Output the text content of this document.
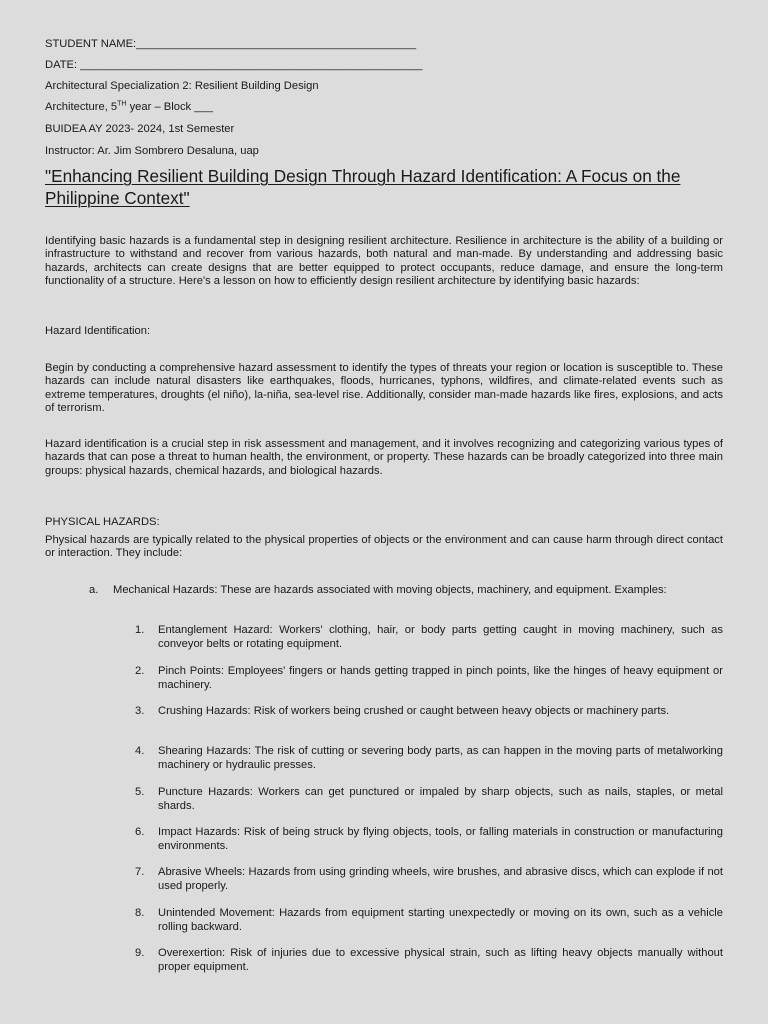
STUDENT NAME:_____________________________________________
DATE: _______________________________________________________
Architectural Specialization 2: Resilient Building Design
Architecture, 5TH year – Block ___
BUIDEA AY 2023- 2024, 1st Semester
Instructor: Ar. Jim Sombrero Desaluna, uap
"Enhancing Resilient Building Design Through Hazard Identification: A Focus on the Philippine Context"

Identifying basic hazards is a fundamental step in designing resilient architecture. Resilience in architecture is the ability of a building or infrastructure to withstand and recover from various hazards, both natural and man-made. By understanding and addressing basic hazards, architects can create designs that are better equipped to protect occupants, reduce damage, and ensure the long-term functionality of a structure. Here's a lesson on how to efficiently design resilient architecture by identifying basic hazards:

Hazard Identification:

Begin by conducting a comprehensive hazard assessment to identify the types of threats your region or location is susceptible to. These hazards can include natural disasters like earthquakes, floods, hurricanes, typhons, wildfires, and climate-related events such as extreme temperatures, droughts (el niño), la-niña, sea-level rise. Additionally, consider man-made hazards like fires, explosions, and acts of terrorism.

Hazard identification is a crucial step in risk assessment and management, and it involves recognizing and categorizing various types of hazards that can pose a threat to human health, the environment, or property. These hazards can be broadly categorized into three main groups: physical hazards, chemical hazards, and biological hazards.

PHYSICAL HAZARDS:

Physical hazards are typically related to the physical properties of objects or the environment and can cause harm through direct contact or interaction. They include:

a. Mechanical Hazards: These are hazards associated with moving objects, machinery, and equipment. Examples:
1. Entanglement Hazard: Workers' clothing, hair, or body parts getting caught in moving machinery, such as conveyor belts or rotating equipment.
2. Pinch Points: Employees' fingers or hands getting trapped in pinch points, like the hinges of heavy equipment or machinery.
3. Crushing Hazards: Risk of workers being crushed or caught between heavy objects or machinery parts.
4. Shearing Hazards: The risk of cutting or severing body parts, as can happen in the moving parts of metalworking machinery or hydraulic presses.
5. Puncture Hazards: Workers can get punctured or impaled by sharp objects, such as nails, staples, or metal shards.
6. Impact Hazards: Risk of being struck by flying objects, tools, or falling materials in construction or manufacturing environments.
7. Abrasive Wheels: Hazards from using grinding wheels, wire brushes, and abrasive discs, which can explode if not used properly.
8. Unintended Movement: Hazards from equipment starting unexpectedly or moving on its own, such as a vehicle rolling backward.
9. Overexertion: Risk of injuries due to excessive physical strain, such as lifting heavy objects manually without proper equipment.
